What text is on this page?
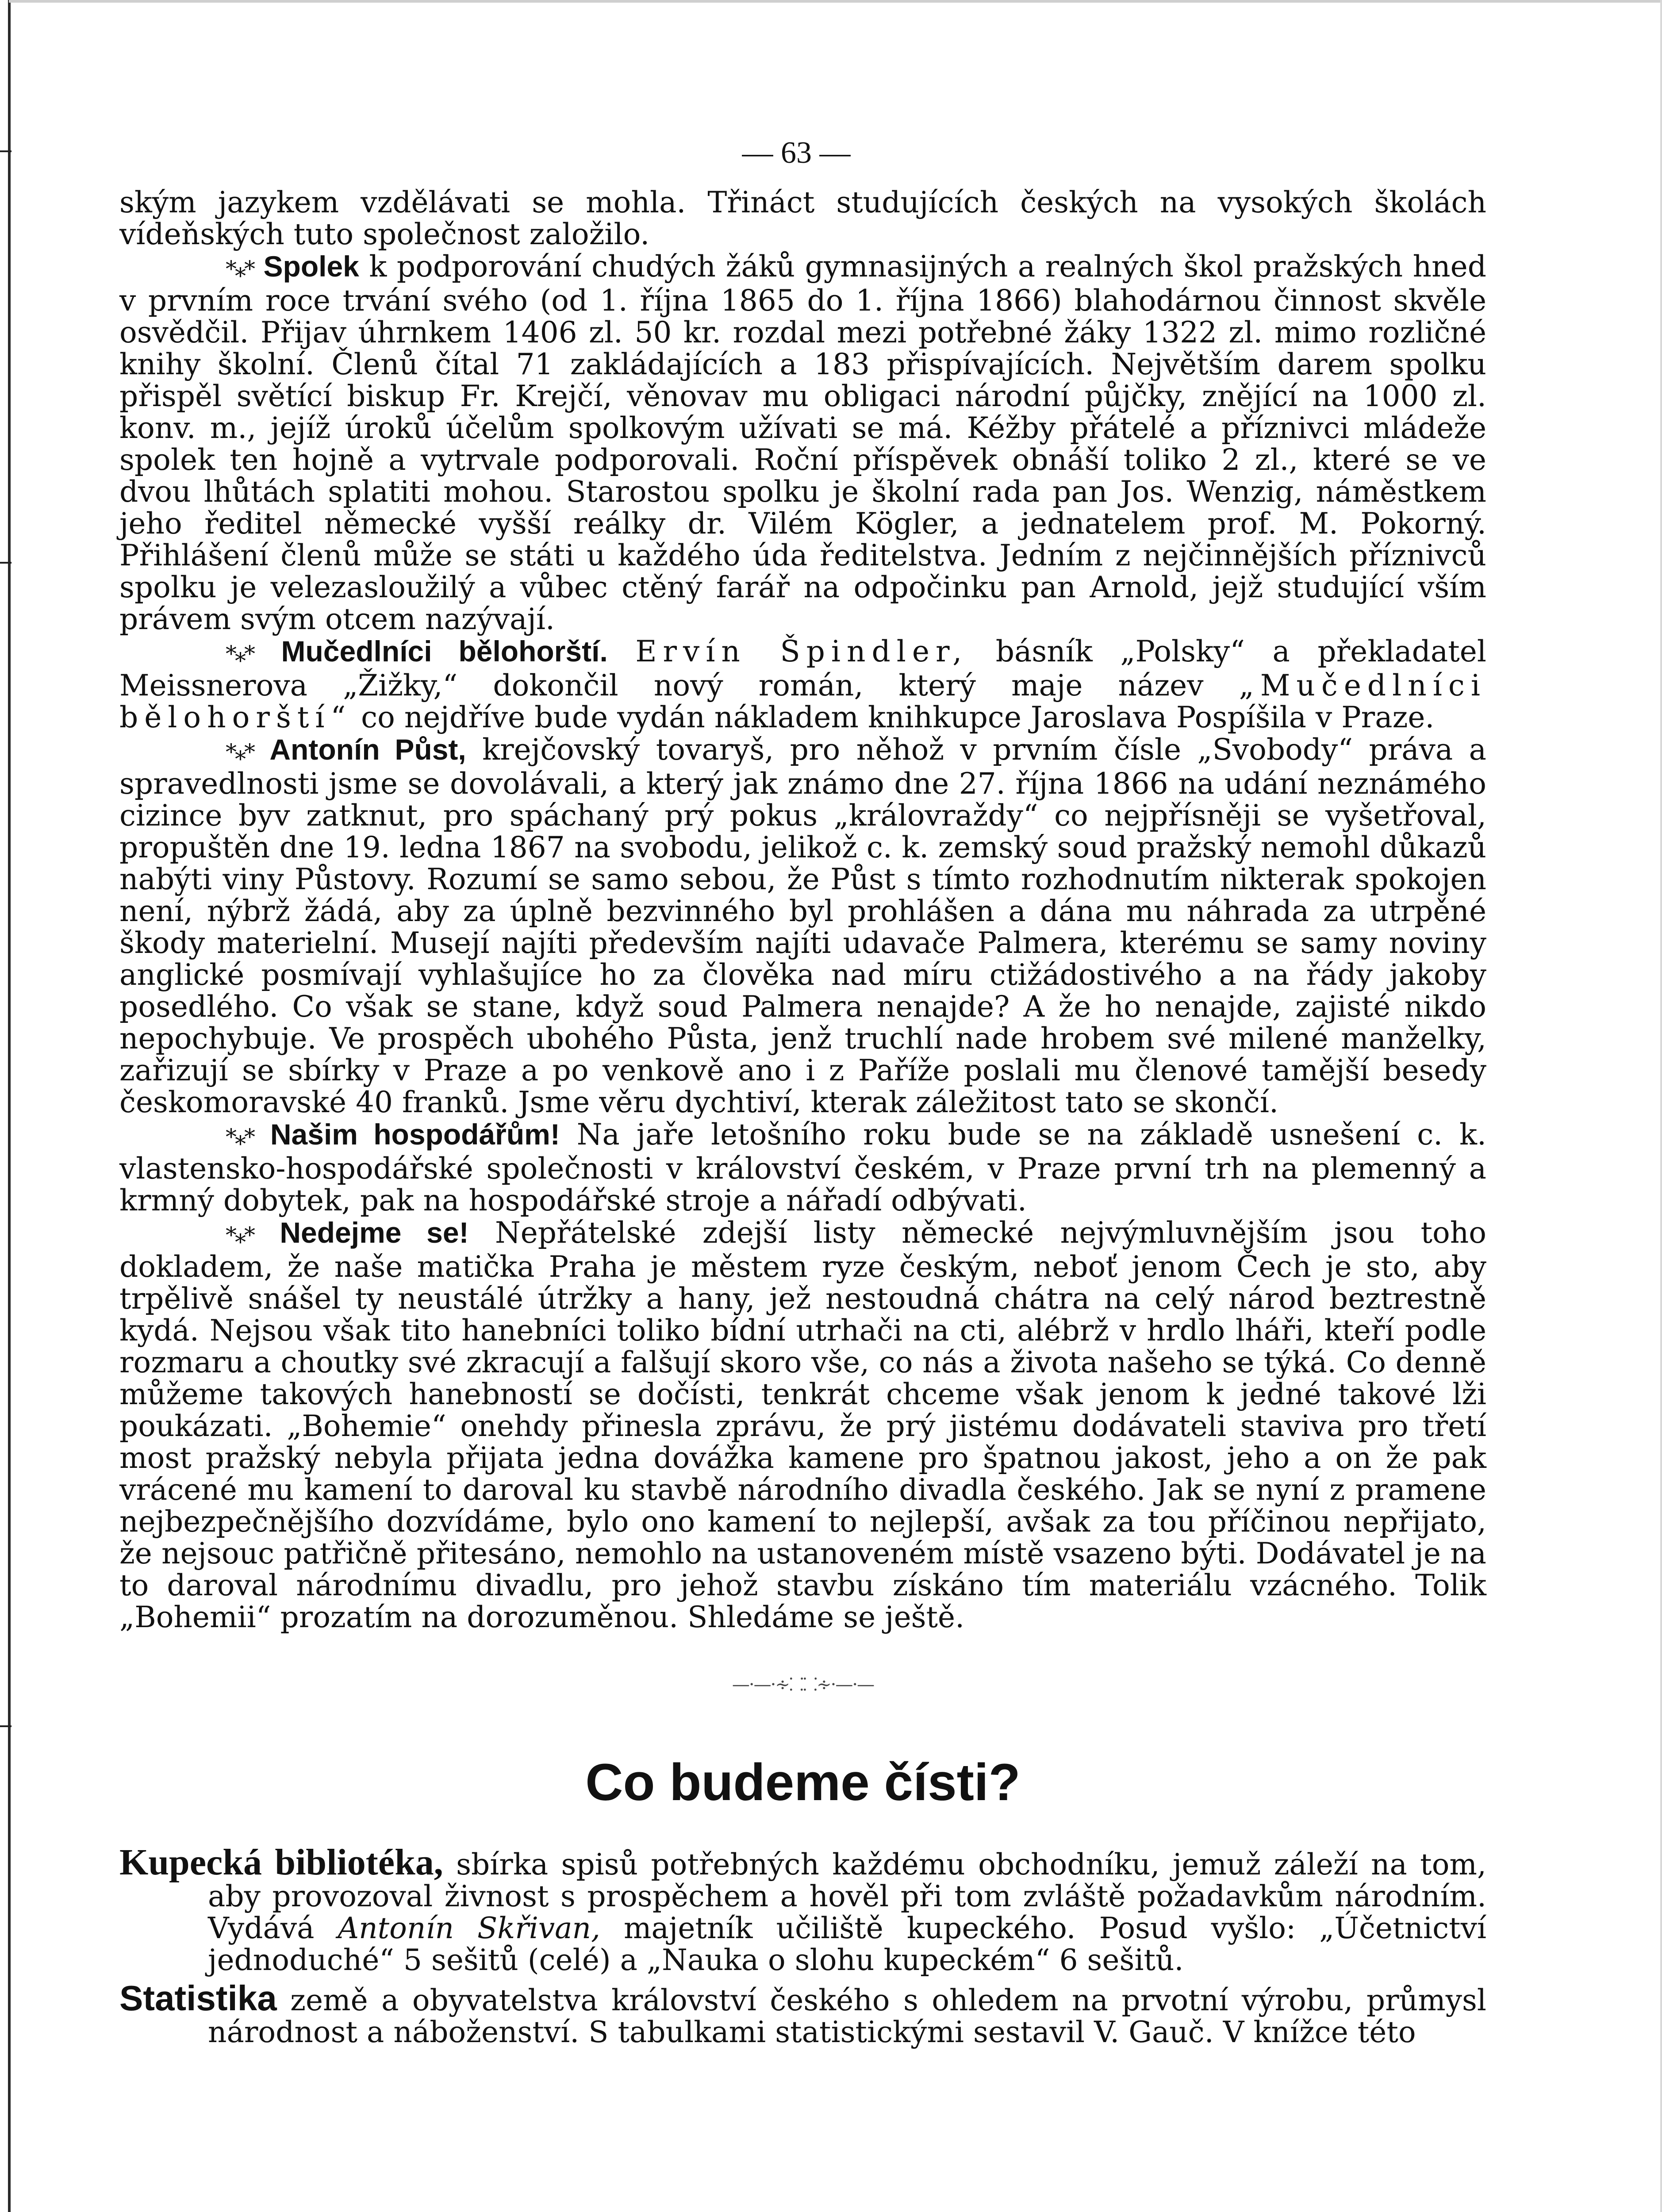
— 63 —

ským jazykem vzdělávati se mohla. Třináct studujících českých na vysokých školách vídeňských tuto společnost založilo.

*⁎* Spolek k podporování chudých žáků gymnasijných a realných škol pražských hned v prvním roce trvání svého (od 1. října 1865 do 1. října 1866) blahodárnou činnost skvěle osvědčil. Přijav úhrnkem 1406 zl. 50 kr. rozdal mezi potřebné žáky 1322 zl. mimo rozličné knihy školní. Členů čítal 71 zakládajících a 183 přispívajících. Největším darem spolku přispěl světící biskup Fr. Krejčí, věnovav mu obligaci národní půjčky, znějící na 1000 zl. konv. m., jejíž úroků účelům spolkovým užívati se má. Kéžby přátelé a příznivci mládeže spolek ten hojně a vytrvale podporovali. Roční příspěvek obnáší toliko 2 zl., které se ve dvou lhůtách splatiti mohou. Starostou spolku je školní rada pan Jos. Wenzig, náměstkem jeho ředitel německé vyšší reálky dr. Vilém Kögler, a jednatelem prof. M. Pokorný. Přihlášení členů může se státi u každého úda ředitelstva. Jedním z nejčinnějších příznivců spolku je velezasloužilý a vůbec ctěný farář na odpočinku pan Arnold, jejž studující vším právem svým otcem nazývají.

*⁎* Mučedlníci bělohorští. Ervín Špindler, básník „Polsky“ a překladatel Meissnerova „Žižky,“ dokončil nový román, který maje název „Mučedlníci bělohorští“ co nejdříve bude vydán nákladem knihkupce Jaroslava Pospíšila v Praze.

*⁎* Antonín Půst, krejčovský tovaryš, pro něhož v prvním čísle „Svobody“ práva a spravedlnosti jsme se dovolávali, a který jak známo dne 27. října 1866 na udání neznámého cizince byv zatknut, pro spáchaný prý pokus „královraždy“ co nejpřísněji se vyšetřoval, propuštěn dne 19. ledna 1867 na svobodu, jelikož c. k. zemský soud pražský nemohl důkazů nabýti viny Půstovy. Rozumí se samo sebou, že Půst s tímto rozhodnutím nikterak spokojen není, nýbrž žádá, aby za úplně bezvinného byl prohlášen a dána mu náhrada za utrpěné škody materielní. Musejí najíti především najíti udavače Palmera, kterému se samy noviny anglické posmívají vyhlašujíce ho za člověka nad míru ctižádostivého a na řády jakoby posedlého. Co však se stane, když soud Palmera nenajde? A že ho nenajde, zajisté nikdo nepochybuje. Ve prospěch ubohého Půsta, jenž truchlí nade hrobem své milené manželky, zařizují se sbírky v Praze a po venkově ano i z Paříže poslali mu členové tamější besedy českomoravské 40 franků. Jsme věru dychtiví, kterak záležitost tato se skončí.

*⁎* Našim hospodářům! Na jaře letošního roku bude se na základě usnešení c. k. vlastensko-hospodářské společnosti v království českém, v Praze první trh na plemenný a krmný dobytek, pak na hospodářské stroje a nářadí odbývati.

*⁎* Nedejme se! Nepřátelské zdejší listy německé nejvýmluvnějším jsou toho dokladem, že naše matička Praha je městem ryze českým, neboť jenom Čech je sto, aby trpělivě snášel ty neustálé útržky a hany, jež nestoudná chátra na celý národ beztrestně kydá. Nejsou však tito hanebníci toliko bídní utrhači na cti, alébrž v hrdlo lháři, kteří podle rozmaru a choutky své zkracují a falšují skoro vše, co nás a života našeho se týká. Co denně můžeme takových hanebností se dočísti, tenkrát chceme však jenom k jedné takové lži poukázati. „Bohemie“ onehdy přinesla zprávu, že prý jistému dodávateli staviva pro třetí most pražský nebyla přijata jedna dovážka kamene pro špatnou jakost, jeho a on že pak vrácené mu kamení to daroval ku stavbě národního divadla českého. Jak se nyní z pramene nejbezpečnějšího dozvídáme, bylo ono kamení to nejlepší, avšak za tou příčinou nepřijato, že nejsouc patřičně přitesáno, nemohlo na ustanoveném místě vsazeno býti. Dodávatel je na to daroval národnímu divadlu, pro jehož stavbu získáno tím materiálu vzácného. Tolik „Bohemii“ prozatím na dorozuměnou. Shledáme se ještě.

—·—·∻⸬⸬∻·—·—
Co budeme čísti?

Kupecká bibliotéka, sbírka spisů potřebných každému obchodníku, jemuž záleží na tom, aby provozoval živnost s prospěchem a hověl při tom zvláště požadavkům národním. Vydává Antonín Skřivan, majetník učiliště kupeckého. Posud vyšlo: „Účetnictví jednoduché“ 5 sešitů (celé) a „Nauka o slohu kupeckém“ 6 sešitů.

Statistika země a obyvatelstva království českého s ohledem na prvotní výrobu, průmysl národnost a náboženství. S tabulkami statistickými sestavil V. Gauč. V knížce této
